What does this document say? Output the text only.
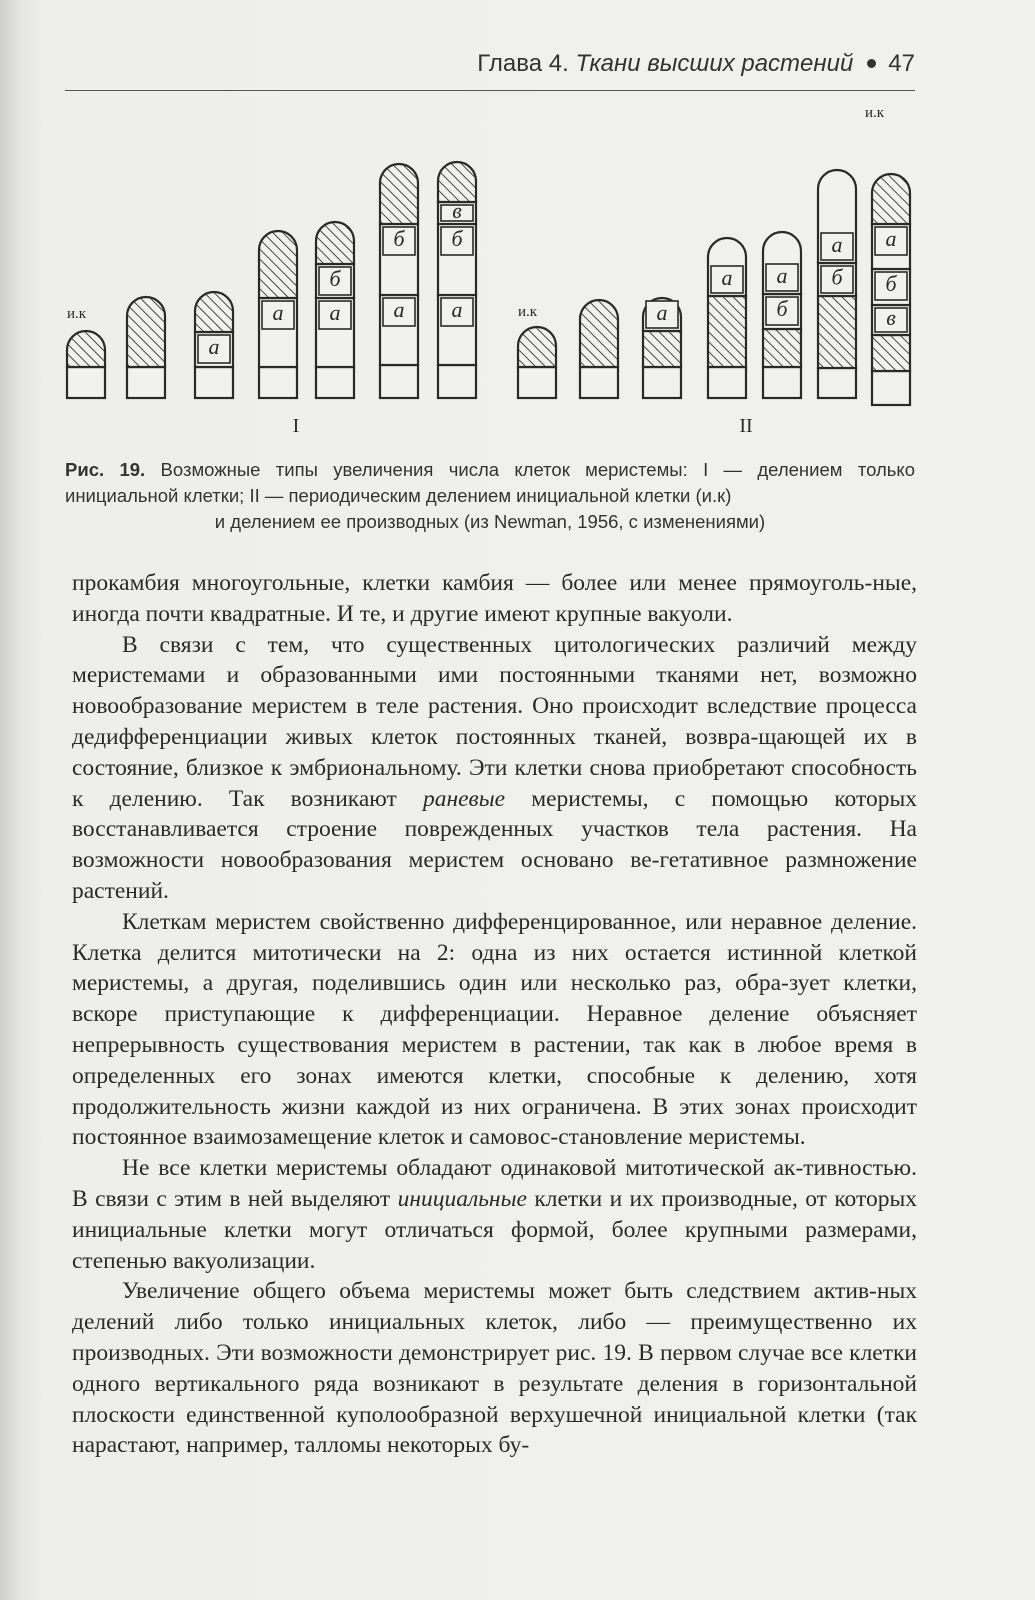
Глава 4. Ткани высших растений 47
и.к
а
а а
б
а
б
а
б
в
и.к	а
а
б
а б
а
в
б
а
и.к
I	II
Рис. 19. Возможные типы увеличения числа клеток меристемы: I — делением только инициальной клетки; II — периодическим делением инициальной клетки (и.к)
и делением ее производных (из Newman, 1956, с изменениями)

прокамбия многоугольные, клетки камбия — более или менее прямоуголь-ные, иногда почти квадратные. И те, и другие имеют крупные вакуоли.

В связи с тем, что существенных цитологических различий между меристемами и образованными ими постоянными тканями нет, возможно новообразование меристем в теле растения. Оно происходит вследствие процесса дедифференциации живых клеток постоянных тканей, возвра-щающей их в состояние, близкое к эмбриональному. Эти клетки снова приобретают способность к делению. Так возникают раневые меристемы, с помощью которых восстанавливается строение поврежденных участков тела растения. На возможности новообразования меристем основано ве-гетативное размножение растений.

Клеткам меристем свойственно дифференцированное, или неравное деление. Клетка делится митотически на 2: одна из них остается истинной клеткой меристемы, а другая, поделившись один или несколько раз, обра-зует клетки, вскоре приступающие к дифференциации. Неравное деление объясняет непрерывность существования меристем в растении, так как в любое время в определенных его зонах имеются клетки, способные к делению, хотя продолжительность жизни каждой из них ограничена. В этих зонах происходит постоянное взаимозамещение клеток и самовос-становление меристемы.

Не все клетки меристемы обладают одинаковой митотической ак-тивностью. В связи с этим в ней выделяют инициальные клетки и их производные, от которых инициальные клетки могут отличаться формой, более крупными размерами, степенью вакуолизации.

Увеличение общего объема меристемы может быть следствием актив-ных делений либо только инициальных клеток, либо — преимущественно их производных. Эти возможности демонстрирует рис. 19. В первом случае все клетки одного вертикального ряда возникают в результате деления в горизонтальной плоскости единственной куполообразной верхушечной инициальной клетки (так нарастают, например, талломы некоторых бу-
